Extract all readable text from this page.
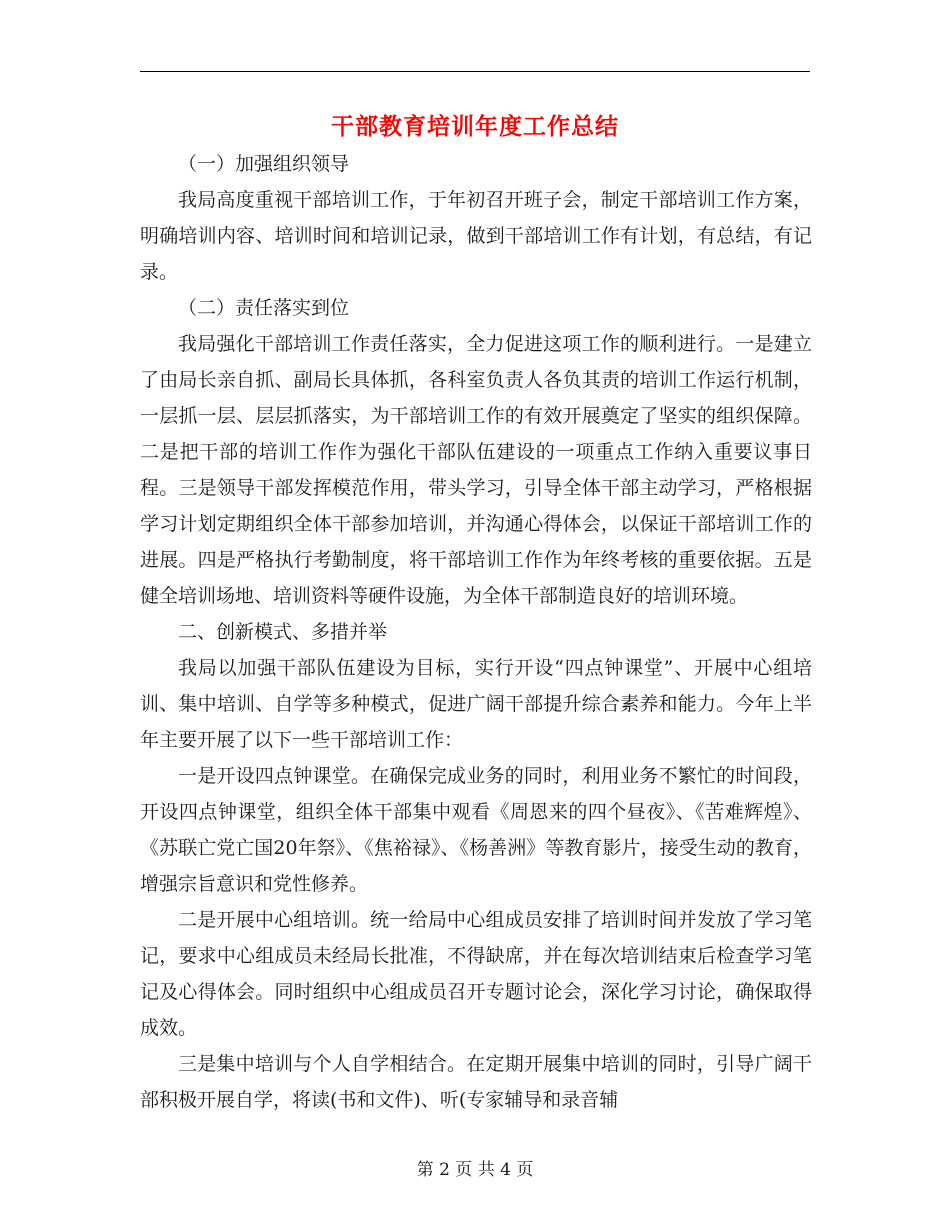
干部教育培训年度工作总结

（一）加强组织领导

我局高度重视干部培训工作，于年初召开班子会，制定干部培训工作方案，明确培训内容、培训时间和培训记录，做到干部培训工作有计划，有总结，有记录。

（二）责任落实到位

我局强化干部培训工作责任落实，全力促进这项工作的顺利进行。一是建立了由局长亲自抓、副局长具体抓，各科室负责人各负其责的培训工作运行机制，一层抓一层、层层抓落实，为干部培训工作的有效开展奠定了坚实的组织保障。二是把干部的培训工作作为强化干部队伍建设的一项重点工作纳入重要议事日程。三是领导干部发挥模范作用，带头学习，引导全体干部主动学习，严格根据学习计划定期组织全体干部参加培训，并沟通心得体会，以保证干部培训工作的进展。四是严格执行考勤制度，将干部培训工作作为年终考核的重要依据。五是健全培训场地、培训资料等硬件设施，为全体干部制造良好的培训环境。

二、创新模式、多措并举

我局以加强干部队伍建设为目标，实行开设“四点钟课堂”、开展中心组培训、集中培训、自学等多种模式，促进广阔干部提升综合素养和能力。今年上半年主要开展了以下一些干部培训工作：

一是开设四点钟课堂。在确保完成业务的同时，利用业务不繁忙的时间段，开设四点钟课堂，组织全体干部集中观看《周恩来的四个昼夜》、《苦难辉煌》、《苏联亡党亡国20年祭》、《焦裕禄》、《杨善洲》等教育影片，接受生动的教育，增强宗旨意识和党性修养。

二是开展中心组培训。统一给局中心组成员安排了培训时间并发放了学习笔记，要求中心组成员未经局长批准，不得缺席，并在每次培训结束后检查学习笔记及心得体会。同时组织中心组成员召开专题讨论会，深化学习讨论，确保取得成效。

三是集中培训与个人自学相结合。在定期开展集中培训的同时，引导广阔干部积极开展自学，将读(书和文件)、听(专家辅导和录音辅

第 2 页 共 4 页
